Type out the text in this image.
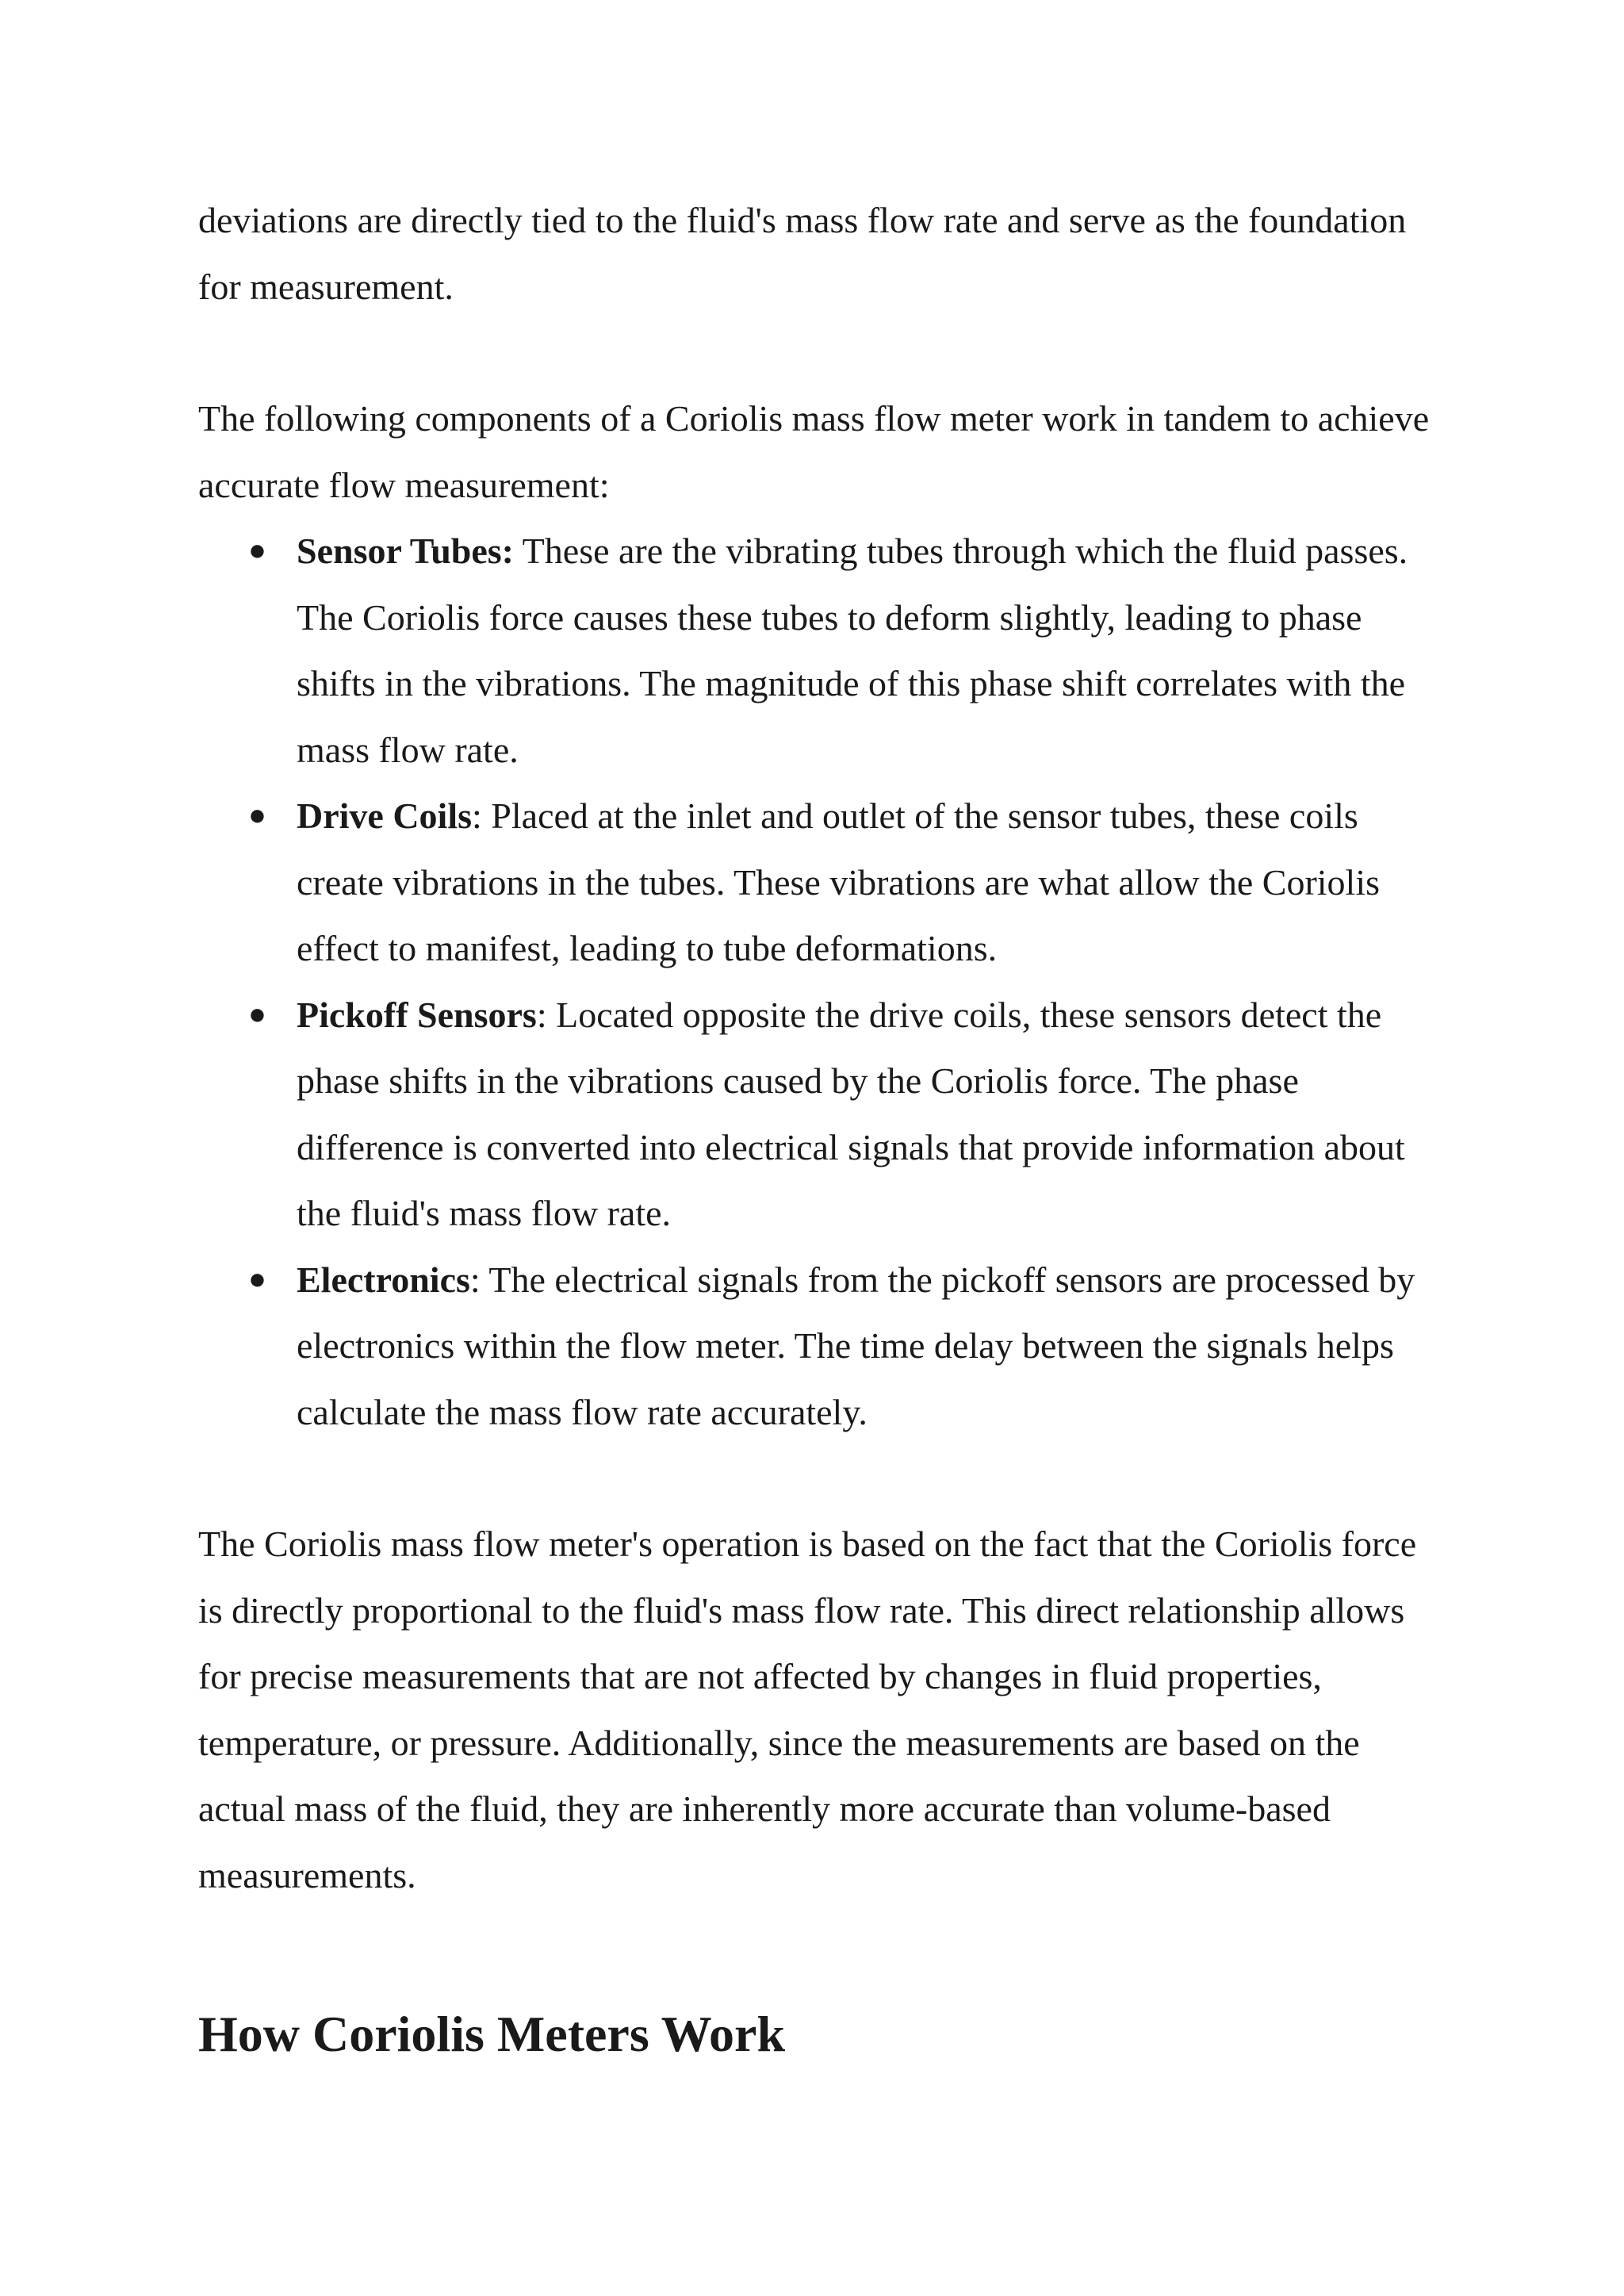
deviations are directly tied to the fluid's mass flow rate and serve as the foundation for measurement.

The following components of a Coriolis mass flow meter work in tandem to achieve accurate flow measurement:

● Sensor Tubes: These are the vibrating tubes through which the fluid passes. The Coriolis force causes these tubes to deform slightly, leading to phase shifts in the vibrations. The magnitude of this phase shift correlates with the mass flow rate.
● Drive Coils: Placed at the inlet and outlet of the sensor tubes, these coils create vibrations in the tubes. These vibrations are what allow the Coriolis effect to manifest, leading to tube deformations.
● Pickoff Sensors: Located opposite the drive coils, these sensors detect the phase shifts in the vibrations caused by the Coriolis force. The phase difference is converted into electrical signals that provide information about the fluid's mass flow rate.
● Electronics: The electrical signals from the pickoff sensors are processed by electronics within the flow meter. The time delay between the signals helps calculate the mass flow rate accurately.

The Coriolis mass flow meter's operation is based on the fact that the Coriolis force is directly proportional to the fluid's mass flow rate. This direct relationship allows for precise measurements that are not affected by changes in fluid properties, temperature, or pressure. Additionally, since the measurements are based on the actual mass of the fluid, they are inherently more accurate than volume-based measurements.

How Coriolis Meters Work
